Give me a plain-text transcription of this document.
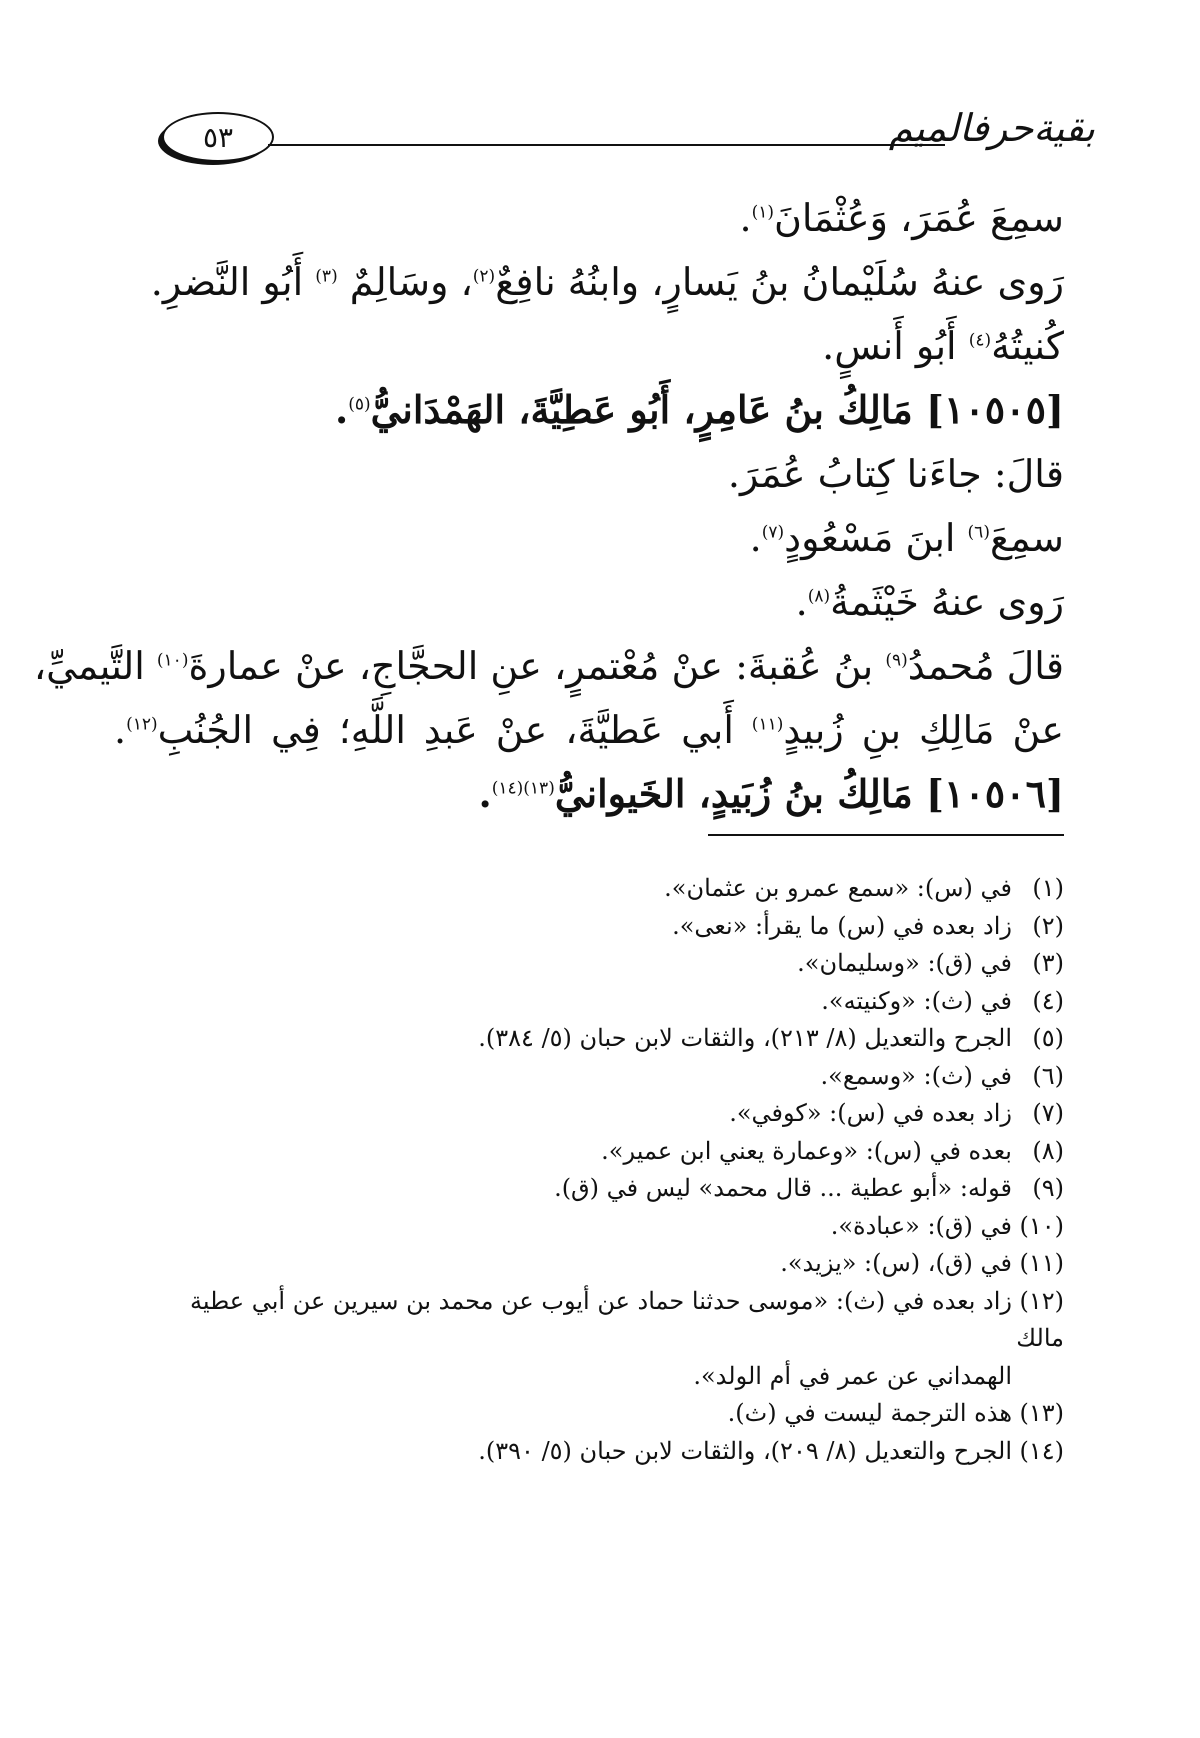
٥٣	بقيةحرفالميم
سمِعَ عُمَرَ، وَعُثْمَانَ$^{(١)}$.
رَوى عنهُ سُلَيْمانُ بنُ يَسارٍ، وابنُهُ نافِعٌ$^{(٢)}$، وسَالِمٌ $^{(٣)}$ أَبُو النَّضرِ.
كُنيتُهُ$^{(٤)}$ أَبُو أَنسٍ.
[١٠٥٠٥] مَالِكُ بنُ عَامِرٍ، أَبُو عَطِيَّةَ، الهَمْدَانيُّ$^{(٥)}$.
قالَ: جاءَنا كِتابُ عُمَرَ.
سمِعَ$^{(٦)}$ ابنَ مَسْعُودٍ$^{(٧)}$.
رَوى عنهُ خَيْثَمةُ$^{(٨)}$.
قالَ مُحمدُ$^{(٩)}$ بنُ عُقبةَ: عنْ مُعْتمرٍ، عنِ الحجَّاجِ، عنْ عمارةَ$^{(١٠)}$ التَّيميِّ،
عنْ مَالِكِ بنِ زُبيدٍ$^{(١١)}$ أَبي عَطيَّةَ، عنْ عَبدِ اللَّهِ؛ فِي الجُنُبِ$^{(١٢)}$.
[١٠٥٠٦] مَالِكُ بنُ زُبَيدٍ، الخَيوانيُّ$^{(١٣)(١٤)}$.
(١)في (س): «سمع عمرو بن عثمان».
(٢)زاد بعده في (س) ما يقرأ: «نعى».
(٣)في (ق): «وسليمان».
(٤)في (ث): «وكنيته».
(٥)الجرح والتعديل (٨/ ٢١٣)، والثقات لابن حبان (٥/ ٣٨٤).
(٦)في (ث): «وسمع».
(٧)زاد بعده في (س): «كوفي».
(٨)بعده في (س): «وعمارة يعني ابن عمير».
(٩)قوله: «أبو عطية ... قال محمد» ليس في (ق).
(١٠)في (ق): «عبادة».
(١١)في (ق)، (س): «يزيد».
(١٢)زاد بعده في (ث): «موسى حدثنا حماد عن أيوب عن محمد بن سيرين عن أبي عطية مالك
الهمداني عن عمر في أم الولد».
(١٣)هذه الترجمة ليست في (ث).
(١٤)الجرح والتعديل (٨/ ٢٠٩)، والثقات لابن حبان (٥/ ٣٩٠).
